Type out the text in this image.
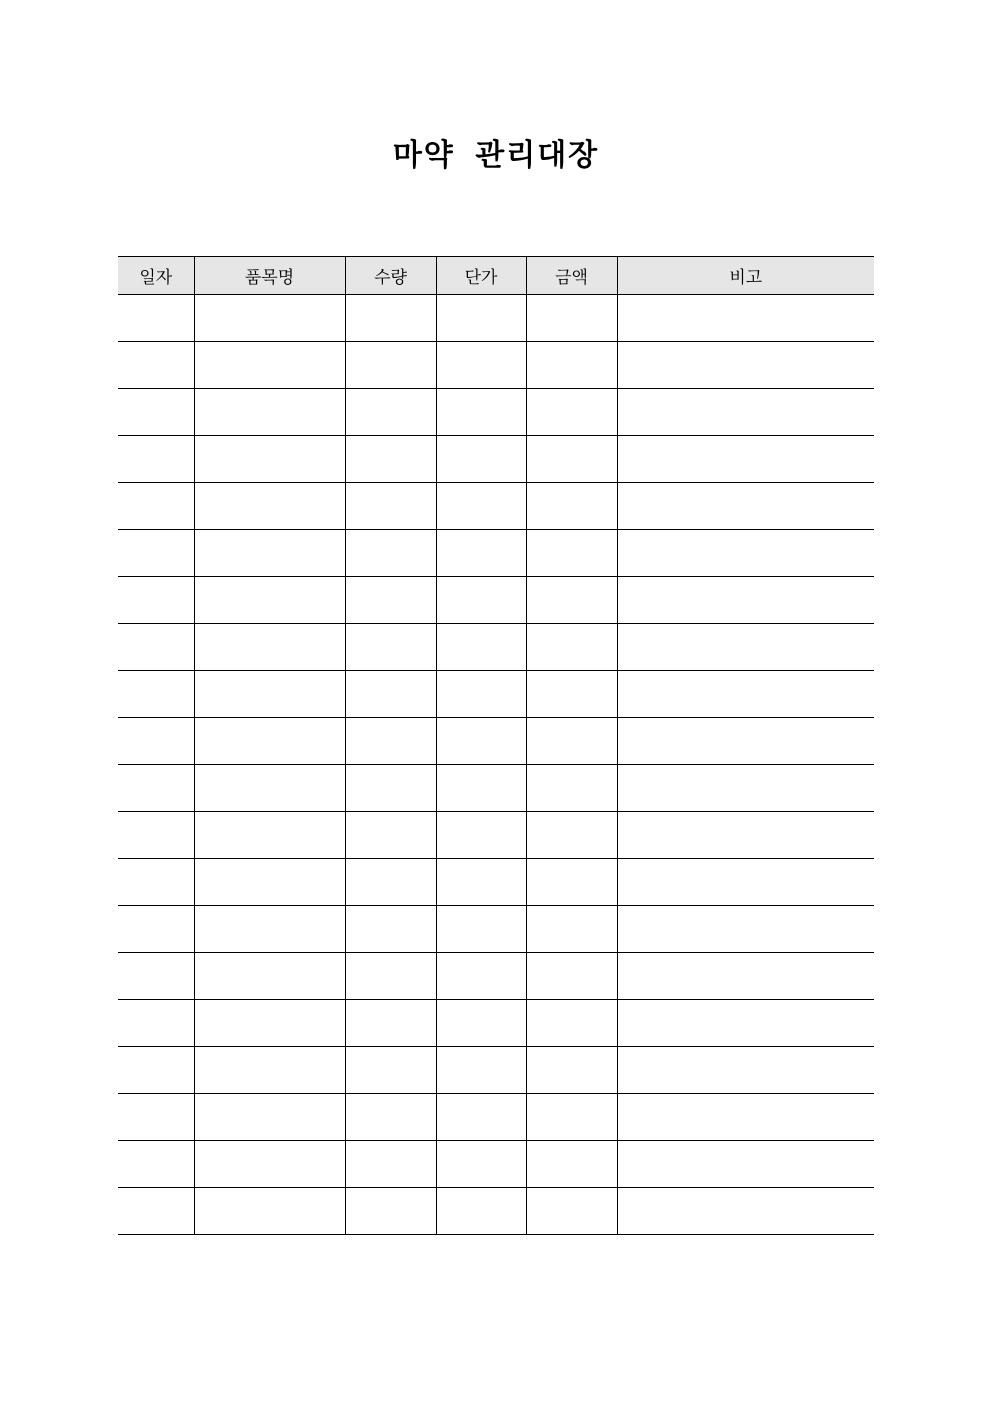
마약 관리대장
일자	품목명	수량	단가	금액	비고
